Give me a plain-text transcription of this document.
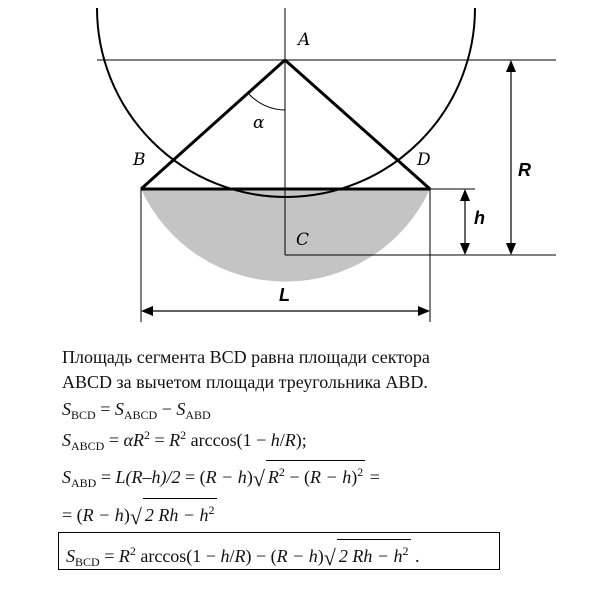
A
B
C
D
α
R
h
L
Площадь сегмента BCD равна площади сектора
ABCD за вычетом площади треугольника ABD.
$S_{BCD} = S_{ABCD} - S_{ABD}$
$S_{ABCD} = \alpha R^2 = R^2$ arccos(1 − h/R);
$S_{ABD} = L(R-h)/2 = (R - h)√$ $R^2 - (R - h)^2$ =
= (R − h)√ 2 $Rh - h^2$
$S_{BCD} = R^2$ arccos(1 − h/R) − (R − h)√ 2 $Rh - h^2$ .
